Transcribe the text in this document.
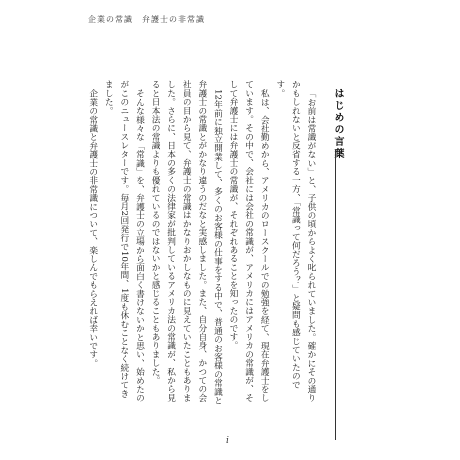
企業の常識　弁護士の非常識
はじめの言葉

「お前は常識がない」と、子供の頃からよく叱られていました。確かにその通りかもしれないと反省する一方、「常識って何だろう？」と疑問も感じていたのです。

私は、会社勤めから、アメリカのロースクールでの勉強を経て、現在弁護士をしています。その中で、会社には会社の常識が、アメリカにはアメリカの常識が、そして弁護士には弁護士の常識が、それぞれあることを知ったのです。

12年前に独立開業して、多くのお客様の仕事をする中で、普通のお客様の常識と弁護士の常識とがかなり違うのだなと実感しました。また、自分自身、かつての会社員の目から見て、弁護士の常識はかなりおかしなものに見えていたこともありました。さらに、日本の多くの法律家が批判しているアメリカ法の常識が、私から見ると日本法の常識よりも優れているのではないかと感じることもありました。

そんな様々な「常識」を、弁護士の立場から面白く書けないかと思い、始めたのがこのニュースレターです。毎月2回発行で10年間、1度も休むことなく続けてきました。

企業の常識と弁護士の非常識について、楽しんでもらえれば幸いです。

i
